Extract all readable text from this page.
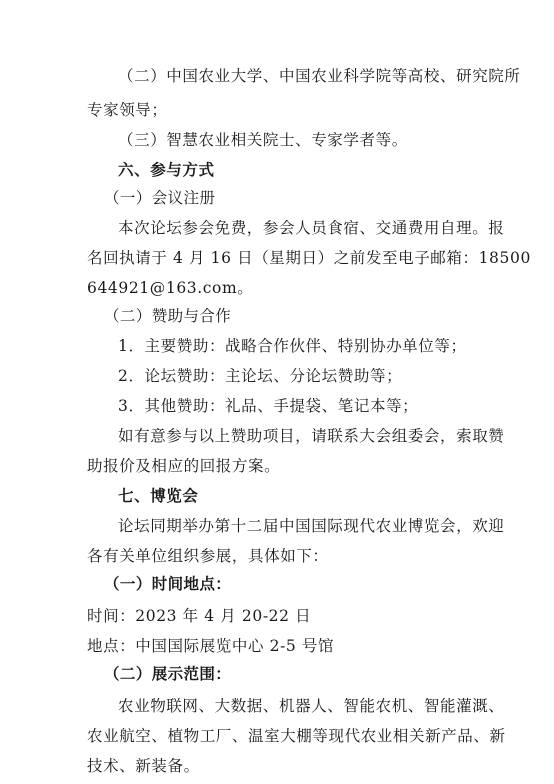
（二）中国农业大学、中国农业科学院等高校、研究院所
专家领导；
（三）智慧农业相关院士、专家学者等。
六、参与方式
（一）会议注册
本次论坛参会免费，参会人员食宿、交通费用自理。报
名回执请于 4 月 16 日（星期日）之前发至电子邮箱：18500
644921@163.com。
（二）赞助与合作
1．主要赞助：战略合作伙伴、特别协办单位等；
2．论坛赞助：主论坛、分论坛赞助等；
3．其他赞助：礼品、手提袋、笔记本等；
如有意参与以上赞助项目，请联系大会组委会，索取赞
助报价及相应的回报方案。
七、博览会
论坛同期举办第十二届中国国际现代农业博览会，欢迎
各有关单位组织参展，具体如下：
（一）时间地点：
时间：2023 年 4 月 20-22 日
地点：中国国际展览中心 2-5 号馆
（二）展示范围：
农业物联网、大数据、机器人、智能农机、智能灌溉、
农业航空、植物工厂、温室大棚等现代农业相关新产品、新
技术、新装备。
